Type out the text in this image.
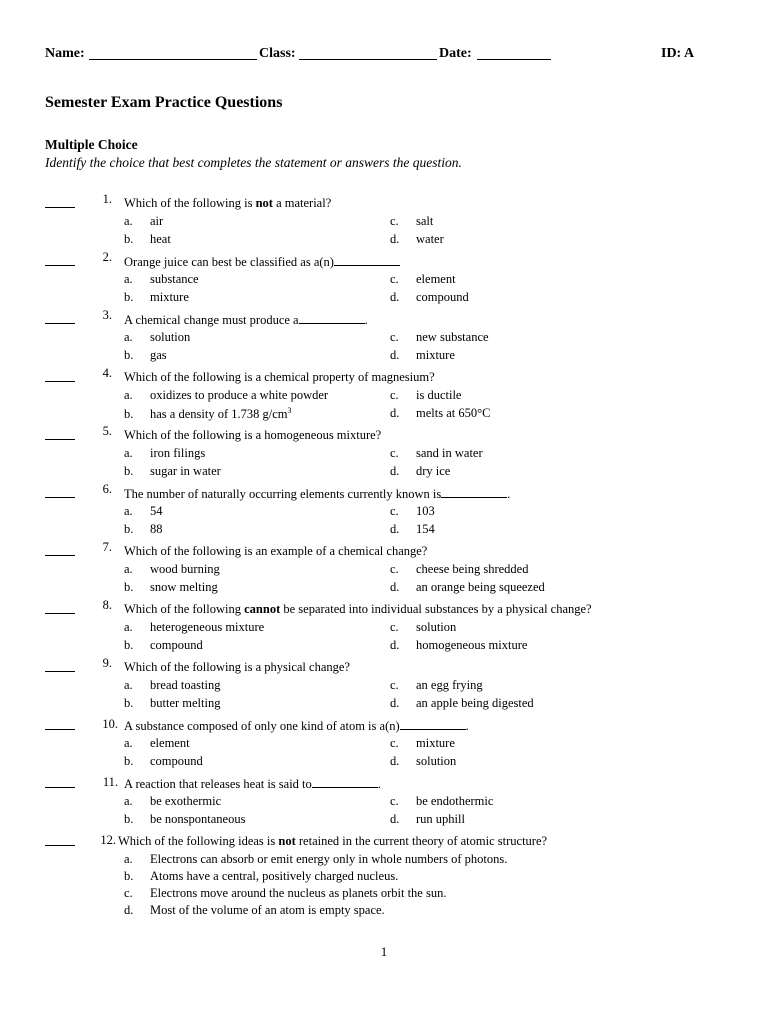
Name:	Class:	Date:	ID: A
Semester Exam Practice Questions
Multiple Choice
Identify the choice that best completes the statement or answers the question.
1. Which of the following is not a material?
a. air
b. heat
c. salt
d. water
2. Orange juice can best be classified as a(n)
a. substance
b. mixture
c. element
d. compound
3. A chemical change must produce a	.
a. solution
b. gas
c. new substance
d. mixture
4. Which of the following is a chemical property of magnesium?
a. oxidizes to produce a white powder
b. has a density of 1.738 $g/cm^3$
c. is ductile
d. melts at 650°C
5. Which of the following is a homogeneous mixture?
a. iron filings
b. sugar in water
c. sand in water
d. dry ice
6. The number of naturally occurring elements currently known is	.
a. 54
b. 88
c. 103
d. 154
7. Which of the following is an example of a chemical change?
a. wood burning
b. snow melting
c. cheese being shredded
d. an orange being squeezed
8. Which of the following cannot be separated into individual substances by a physical change?
a. heterogeneous mixture
b. compound
c. solution
d. homogeneous mixture
9. Which of the following is a physical change?
a. bread toasting
b. butter melting
c. an egg frying
d. an apple being digested
10. A substance composed of only one kind of atom is a(n)	.
a. element
b. compound
c. mixture
d. solution
11. A reaction that releases heat is said to	.
a. be exothermic
b. be nonspontaneous
c. be endothermic
d. run uphill
12. Which of the following ideas is not retained in the current theory of atomic structure?
a. Electrons can absorb or emit energy only in whole numbers of photons.
b. Atoms have a central, positively charged nucleus.
c. Electrons move around the nucleus as planets orbit the sun.
d. Most of the volume of an atom is empty space.
1
